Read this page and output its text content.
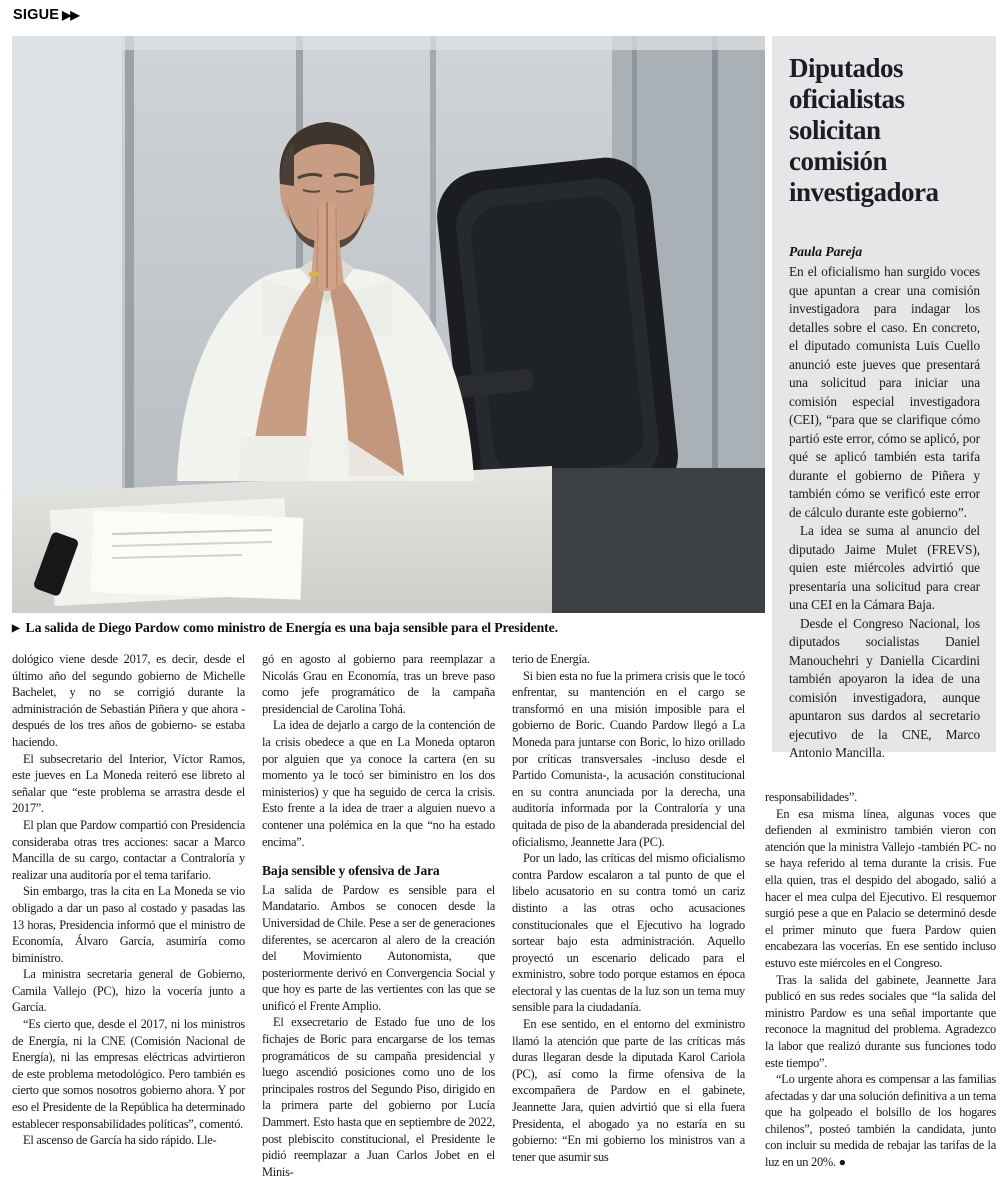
SIGUE ▶▶
▶ La salida de Diego Pardow como ministro de Energía es una baja sensible para el Presidente.
Diputados oficialistas solicitan comisión investigadora
Paula Pareja

En el oficialismo han surgido voces que apuntan a crear una comisión investigadora para indagar los detalles sobre el caso. En concreto, el diputado comunista Luis Cuello anunció este jueves que presentará una solicitud para iniciar una comisión especial investigadora (CEI), “para que se clarifique cómo partió este error, cómo se aplicó, por qué se aplicó también esta tarifa durante el gobierno de Piñera y también cómo se verificó este error de cálculo durante este gobierno”.

La idea se suma al anuncio del diputado Jaime Mulet (FREVS), quien este miércoles advirtió que presentaría una solicitud para crear una CEI en la Cámara Baja.

Desde el Congreso Nacional, los diputados socialistas Daniel Manouchehri y Daniella Cicardini también apoyaron la idea de una comisión investigadora, aunque apuntaron sus dardos al secretario ejecutivo de la CNE, Marco Antonio Mancilla.

dológico viene desde 2017, es decir, desde el último año del segundo gobierno de Michelle Bachelet, y no se corrigió durante la administración de Sebastián Piñera y que ahora - después de los tres años de gobierno- se estaba haciendo.

El subsecretario del Interior, Víctor Ramos, este jueves en La Moneda reiteró ese libreto al señalar que “este problema se arrastra desde el 2017”.

El plan que Pardow compartió con Presidencia consideraba otras tres acciones: sacar a Marco Mancilla de su cargo, contactar a Contraloría y realizar una auditoría por el tema tarifario.

Sin embargo, tras la cita en La Moneda se vio obligado a dar un paso al costado y pasadas las 13 horas, Presidencia informó que el ministro de Economía, Álvaro García, asumiría como biministro.

La ministra secretaria general de Gobierno, Camila Vallejo (PC), hizo la vocería junto a García.

“Es cierto que, desde el 2017, ni los ministros de Energía, ni la CNE (Comisión Nacional de Energía), ni las empresas eléctricas advirtieron de este problema metodológico. Pero también es cierto que somos nosotros gobierno ahora. Y por eso el Presidente de la República ha determinado establecer responsabilidades políticas”, comentó.

El ascenso de García ha sido rápido. Lle-

gó en agosto al gobierno para reemplazar a Nicolás Grau en Economía, tras un breve paso como jefe programático de la campaña presidencial de Carolina Tohá.

La idea de dejarlo a cargo de la contención de la crisis obedece a que en La Moneda optaron por alguien que ya conoce la cartera (en su momento ya le tocó ser biministro en los dos ministerios) y que ha seguido de cerca la crisis. Esto frente a la idea de traer a alguien nuevo a contener una polémica en la que “no ha estado encima”.

Baja sensible y ofensiva de Jara

La salida de Pardow es sensible para el Mandatario. Ambos se conocen desde la Universidad de Chile. Pese a ser de generaciones diferentes, se acercaron al alero de la creación del Movimiento Autonomista, que posteriormente derivó en Convergencia Social y que hoy es parte de las vertientes con las que se unificó el Frente Amplio.

El exsecretario de Estado fue uno de los fichajes de Boric para encargarse de los temas programáticos de su campaña presidencial y luego ascendió posiciones como uno de los principales rostros del Segundo Piso, dirigido en la primera parte del gobierno por Lucía Dammert. Esto hasta que en septiembre de 2022, post plebiscito constitucional, el Presidente le pidió reemplazar a Juan Carlos Jobet en el Minis-

terio de Energía.

Si bien esta no fue la primera crisis que le tocó enfrentar, su mantención en el cargo se transformó en una misión imposible para el gobierno de Boric. Cuando Pardow llegó a La Moneda para juntarse con Boric, lo hizo orillado por críticas transversales -incluso desde el Partido Comunista-, la acusación constitucional en su contra anunciada por la derecha, una auditoría informada por la Contraloría y una quitada de piso de la abanderada presidencial del oficialismo, Jeannette Jara (PC).

Por un lado, las críticas del mismo oficialismo contra Pardow escalaron a tal punto de que el libelo acusatorio en su contra tomó un cariz distinto a las otras ocho acusaciones constitucionales que el Ejecutivo ha logrado sortear bajo esta administración. Aquello proyectó un escenario delicado para el exministro, sobre todo porque estamos en época electoral y las cuentas de la luz son un tema muy sensible para la ciudadanía.

En ese sentido, en el entorno del exministro llamó la atención que parte de las críticas más duras llegaran desde la diputada Karol Cariola (PC), así como la firme ofensiva de la excompañera de Pardow en el gabinete, Jeannette Jara, quien advirtió que si ella fuera Presidenta, el abogado ya no estaría en su gobierno: “En mi gobierno los ministros van a tener que asumir sus

responsabilidades”.

En esa misma línea, algunas voces que defienden al exministro también vieron con atención que la ministra Vallejo -también PC- no se haya referido al tema durante la crisis. Fue ella quien, tras el despido del abogado, salió a hacer el mea culpa del Ejecutivo. El resquemor surgió pese a que en Palacio se determinó desde el primer minuto que fuera Pardow quien encabezara las vocerías. En ese sentido incluso estuvo este miércoles en el Congreso.

Tras la salida del gabinete, Jeannette Jara publicó en sus redes sociales que “la salida del ministro Pardow es una señal importante que reconoce la magnitud del problema. Agradezco la labor que realizó durante sus funciones todo este tiempo”.

“Lo urgente ahora es compensar a las familias afectadas y dar una solución definitiva a un tema que ha golpeado el bolsillo de los hogares chilenos”, posteó también la candidata, junto con incluir su medida de rebajar las tarifas de la luz en un 20%. ●
